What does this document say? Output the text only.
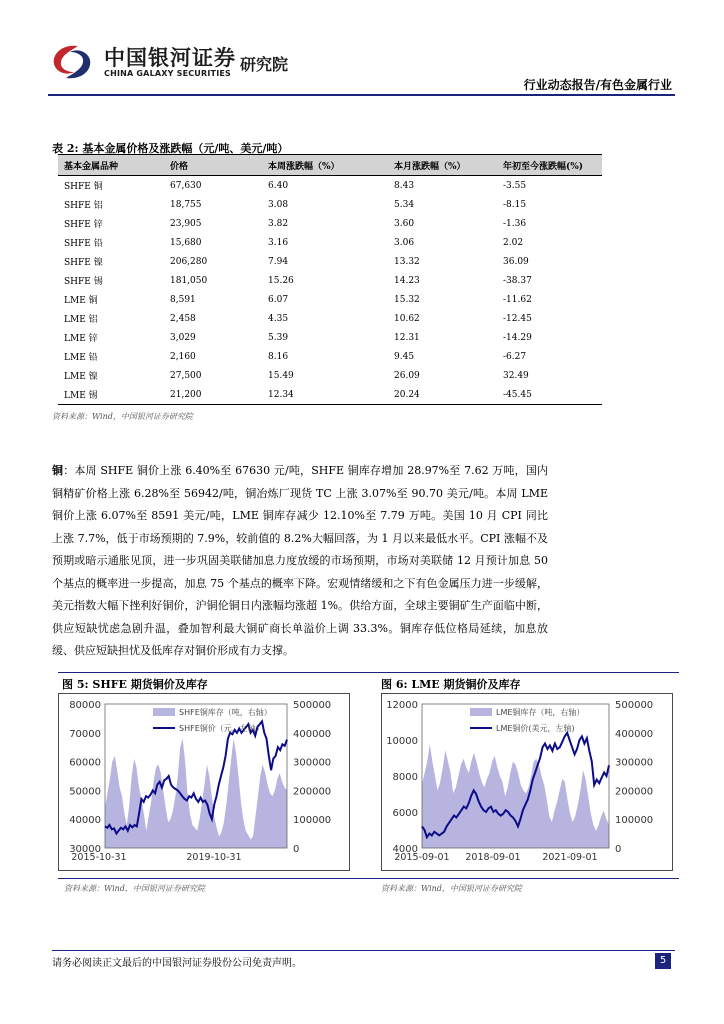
中国银河证券
CHINA GALAXY SECURITIES 研究院
行业动态报告/有色金属行业
表 2: 基本金属价格及涨跌幅（元/吨、美元/吨）
基本金属品种	价格	本周涨跌幅（%）	本月涨跌幅（%）	年初至今涨跌幅(%)
SHFE 铜	67,630	6.40	8.43	-3.55
SHFE 铝	18,755	3.08	5.34	-8.15
SHFE 锌	23,905	3.82	3.60	-1.36
SHFE 铅	15,680	3.16	3.06	2.02
SHFE 镍	206,280	7.94	13.32	36.09
SHFE 锡	181,050	15.26	14.23	-38.37
LME 铜	8,591	6.07	15.32	-11.62
LME 铝	2,458	4.35	10.62	-12.45
LME 锌	3,029	5.39	12.31	-14.29
LME 铅	2,160	8.16	9.45	-6.27
LME 镍	27,500	15.49	26.09	32.49
LME 锡	21,200	12.34	20.24	-45.45
资料来源：Wind，中国银河证券研究院
铜：本周 SHFE 铜价上涨 6.40%至 67630 元/吨，SHFE 铜库存增加 28.97%至 7.62 万吨，国内铜精矿价格上涨 6.28%至 56942/吨，铜冶炼厂现货 TC 上涨 3.07%至 90.70 美元/吨。本周 LME 铜价上涨 6.07%至 8591 美元/吨，LME 铜库存减少 12.10%至 7.79 万吨。美国 10 月 CPI 同比上涨 7.7%，低于市场预期的 7.9%，较前值的 8.2%大幅回落，为 1 月以来最低水平。CPI 涨幅不及预期或暗示通胀见顶，进一步巩固美联储加息力度放缓的市场预期，市场对美联储 12 月预计加息 50 个基点的概率进一步提高，加息 75 个基点的概率下降。宏观情绪缓和之下有色金属压力进一步缓解，美元指数大幅下挫利好铜价，沪铜伦铜日内涨幅均涨超 1%。供给方面，全球主要铜矿生产面临中断，供应短缺忧虑急剧升温，叠加智利最大铜矿商长单溢价上调 33.3%。铜库存低位格局延续，加息放缓、供应短缺担忧及低库存对铜价形成有力支撑。
图 5: SHFE 期货铜价及库存	图 6: LME 期货铜价及库存
30000
40000
50000
60000
70000
80000
0
100000
200000
300000
400000
500000
2015-10-31	2019-10-31
SHFE铜库存（吨，右轴）
SHFE铜价（元，左轴）
4000
6000
8000
10000
12000
0
100000
200000
300000
400000
500000
2015-09-01 2018-09-01 2021-09-01
LME铜库存（吨，右轴）
LME铜价(美元，左轴)
资料来源：Wind，中国银河证券研究院	资料来源：Wind，中国银河证券研究院
请务必阅读正文最后的中国银河证券股份公司免责声明。	5
